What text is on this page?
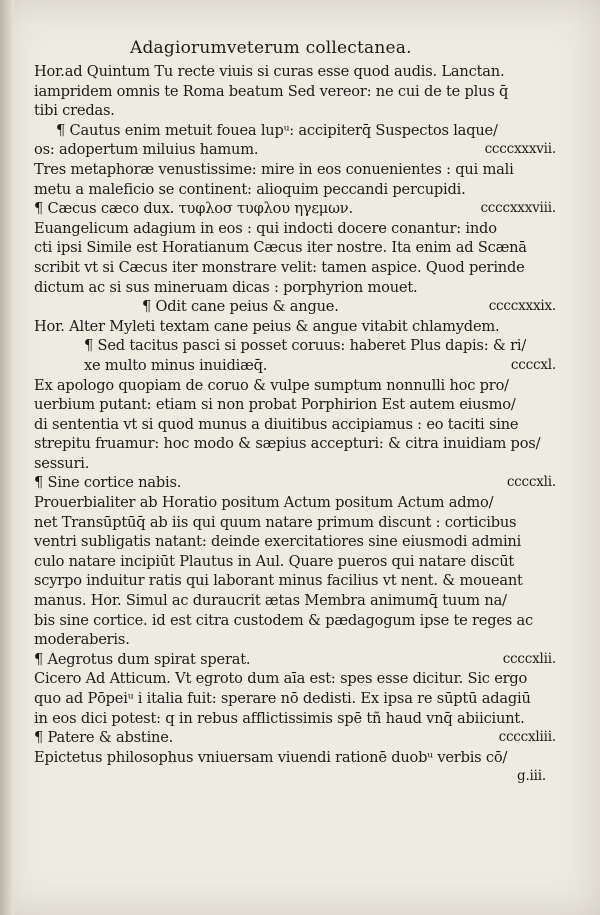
Adagiorumveterum collectanea.
Hor.ad Quintum Tu recte viuis si curas esse quod audis. Lanctan.
iampridem omnis te Roma beatum Sed vereor: ne cui de te plus q̄
tibi credas.
¶ Cautus enim metuit fouea lupᵘ: accipiterq̄ Suspectos laque/
os: adopertum miluius hamum.	ccccxxxvii.
Tres metaphoræ venustissime: mire in eos conuenientes : qui mali
metu a maleficio se continent: alioquim peccandi percupidi.
¶ Cæcus cæco dux. τυφλοσ τυφλου ηγεμων.	ccccxxxviii.
Euangelicum adagium in eos : qui indocti docere conantur: indo
cti ipsi Simile est Horatianum Cæcus iter nostre. Ita enim ad Scænā
scribit vt si Cæcus iter monstrare velit: tamen aspice. Quod perinde
dictum ac si sus mineruam dicas : porphyrion mouet.
¶ Odit cane peius & angue.	ccccxxxix.
Hor. Alter Myleti textam cane peius & angue vitabit chlamydem.
¶ Sed tacitus pasci si posset coruus: haberet Plus dapis: & ri/
xe multo minus inuidiæq̄.	ccccxl.
Ex apologo quopiam de coruo & vulpe sumptum nonnulli hoc pro/
uerbium putant: etiam si non probat Porphirion Est autem eiusmo/
di sententia vt si quod munus a diuitibus accipiamus : eo taciti sine
strepitu fruamur: hoc modo & sæpius accepturi: & citra inuidiam pos/
sessuri.
¶ Sine cortice nabis.	ccccxli.
Prouerbialiter ab Horatio positum Actum positum Actum admo/
net Transūptūq̄ ab iis qui quum natare primum discunt : corticibus
ventri subligatis natant: deinde exercitatiores sine eiusmodi admini
culo natare incipiūt Plautus in Aul. Quare pueros qui natare discūt
scyrpo induitur ratis qui laborant minus facilius vt nent. & moueant
manus. Hor. Simul ac duraucrit ætas Membra animumq̄ tuum na/
bis sine cortice. id est citra custodem & pædagogum ipse te reges ac
moderaberis.
¶ Aegrotus dum spirat sperat.	ccccxlii.
Cicero Ad Atticum. Vt egroto dum aīa est: spes esse dicitur. Sic ergo
quo ad Pōpeiᵘ i italia fuit: sperare nō dedisti. Ex ipsa re sūptū adagiū
in eos dici potest: q in rebus afflictissimis spē tñ haud vnq̄ abiiciunt.
¶ Patere & abstine.	ccccxliii.
Epictetus philosophus vniuersam viuendi rationē duobᵘ verbis cō/
g.iii.
